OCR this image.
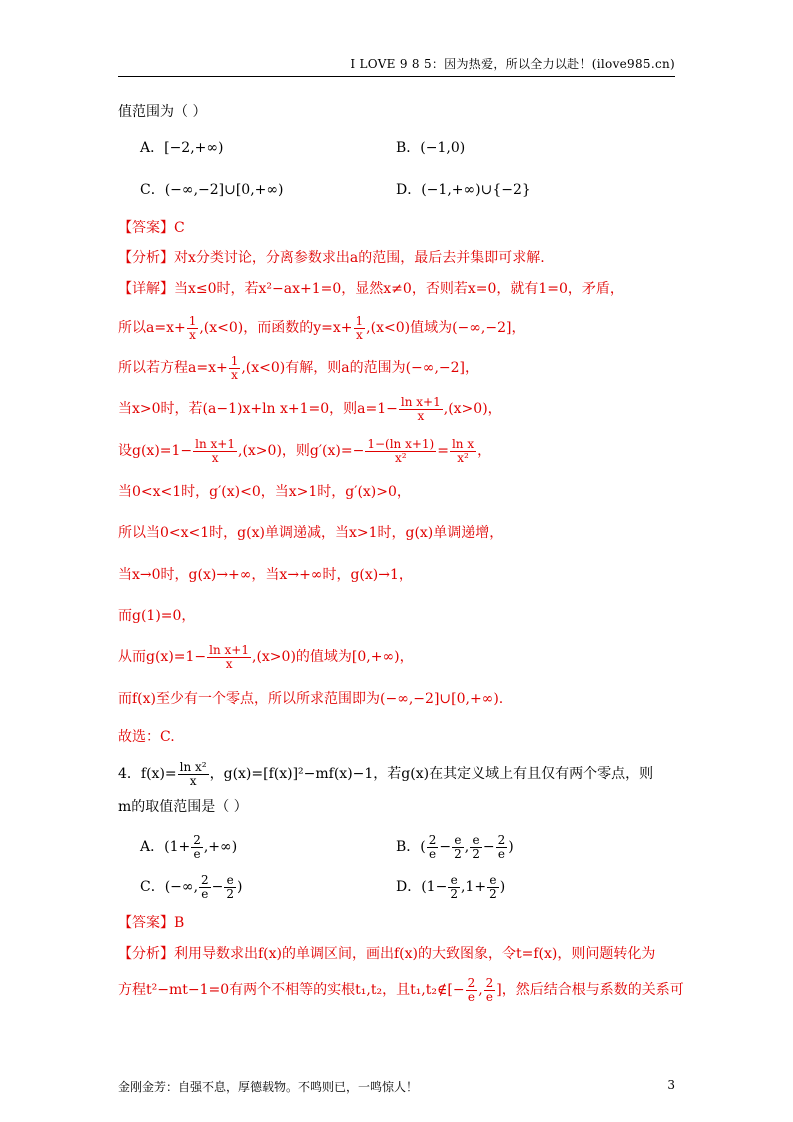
I LOVE 9 8 5：因为热爱，所以全力以赴！(ilove985.cn)
值范围为（ ）
A．[−2,+∞)	B．(−1,0)
C．(−∞,−2]∪[0,+∞)	D．(−1,+∞)∪{−2}
【答案】C
【分析】对x分类讨论，分离参数求出a的范围，最后去并集即可求解.
【详解】当x≤0时，若x²−ax+1=0，显然x≠0，否则若x=0，就有1=0，矛盾，
所以$a=x+ \frac{1}{x} ,(x<0)$，而函数的$y=x+ \frac{1}{x} ,(x<0)$值域为(−∞,−2]，
所以若方程$a=x+ \frac{1}{x} ,(x<0)$有解，则a的范围为(−∞,−2]，
当x>0时，若(a−1)x+ln x+1=0，则$a=1- \frac{\text{ln x+1}}{x} ,(x>0)$，
设$g(x)=1- \frac{\text{ln x+1}}{x} ,(x>0)$，则$g'(x)=- \frac{\text{1−(ln x+1)}}{\text{x²}} = \frac{\text{ln x}}{\text{x²}}$ ，
当0<x<1时，g′(x)<0，当x>1时，g′(x)>0，
所以当0<x<1时，g(x)单调递减，当x>1时，g(x)单调递增，
当x→0时，g(x)→+∞，当x→+∞时，g(x)→1，
而g(1)=0，
从而$g(x)=1- \frac{\text{ln x+1}}{x} ,(x>0)$的值域为[0,+∞)，
而f(x)至少有一个零点，所以所求范围即为(−∞,−2]∪[0,+∞).
故选：C.
4．$f(x)= \frac{\text{ln x²}}{x}$ ，g(x)=[f(x)]²−mf(x)−1，若g(x)在其定义域上有且仅有两个零点，则
m的取值范围是（ ）
A．($1+ \frac{2}{e}$ ,+∞)	B．( $\frac{2}{e} - \frac{e}{2}$ , $\frac{e}{2} - \frac{2}{e}$ )
C．(−∞, $\frac{2}{e} - \frac{e}{2}$ )	D．($1- \frac{e}{2} ,1+ \frac{e}{2}$ )
【答案】B
【分析】利用导数求出f(x)的单调区间，画出f(x)的大致图象，令t=f(x)，则问题转化为
方程t²−mt−1=0有两个不相等的实根t₁,t₂，且t₁,t₂∉[− $\frac{2}{e}$ , $\frac{2}{e}$ ]，然后结合根与系数的关系可
金刚金芳：自强不息，厚德载物。不鸣则已，一鸣惊人！	3
